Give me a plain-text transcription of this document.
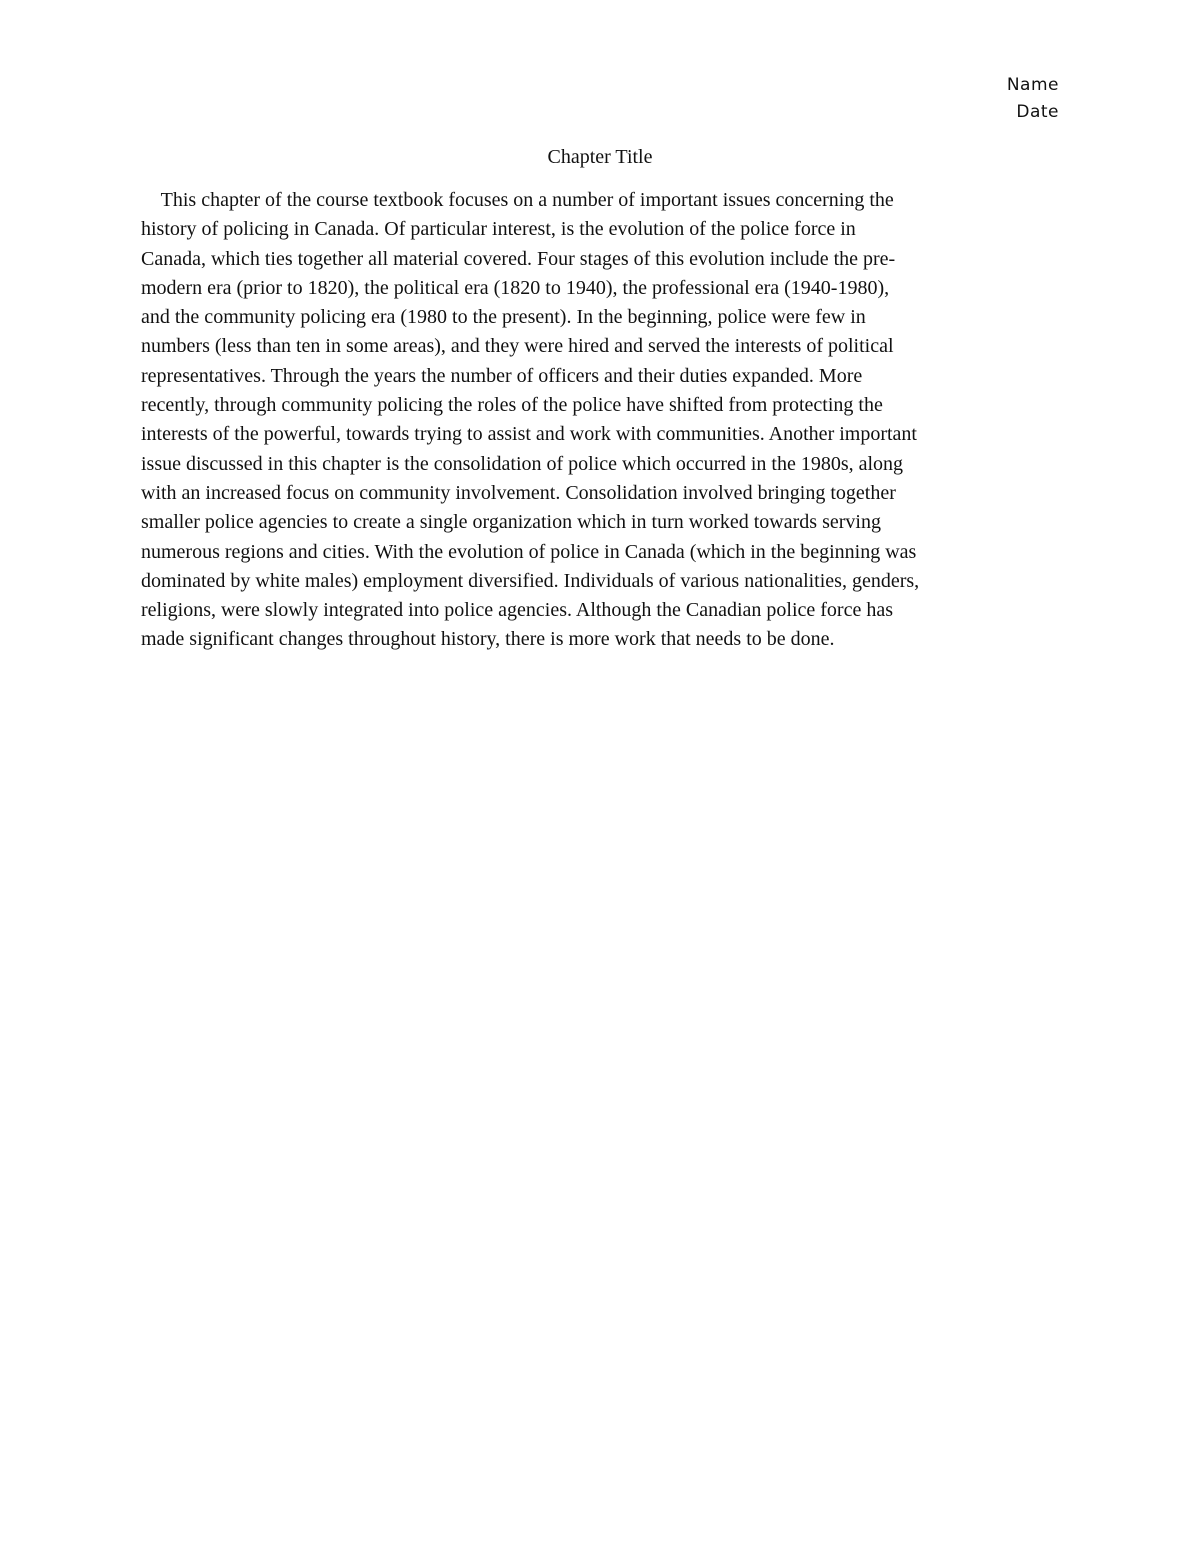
Name
Date
Chapter Title

This chapter of the course textbook focuses on a number of important issues concerning the
history of policing in Canada. Of particular interest, is the evolution of the police force in
Canada, which ties together all material covered. Four stages of this evolution include the pre-
modern era (prior to 1820), the political era (1820 to 1940), the professional era (1940-1980),
and the community policing era (1980 to the present). In the beginning, police were few in
numbers (less than ten in some areas), and they were hired and served the interests of political
representatives. Through the years the number of officers and their duties expanded. More
recently, through community policing the roles of the police have shifted from protecting the
interests of the powerful, towards trying to assist and work with communities. Another important
issue discussed in this chapter is the consolidation of police which occurred in the 1980s, along
with an increased focus on community involvement. Consolidation involved bringing together
smaller police agencies to create a single organization which in turn worked towards serving
numerous regions and cities. With the evolution of police in Canada (which in the beginning was
dominated by white males) employment diversified. Individuals of various nationalities, genders,
religions, were slowly integrated into police agencies. Although the Canadian police force has
made significant changes throughout history, there is more work that needs to be done.
